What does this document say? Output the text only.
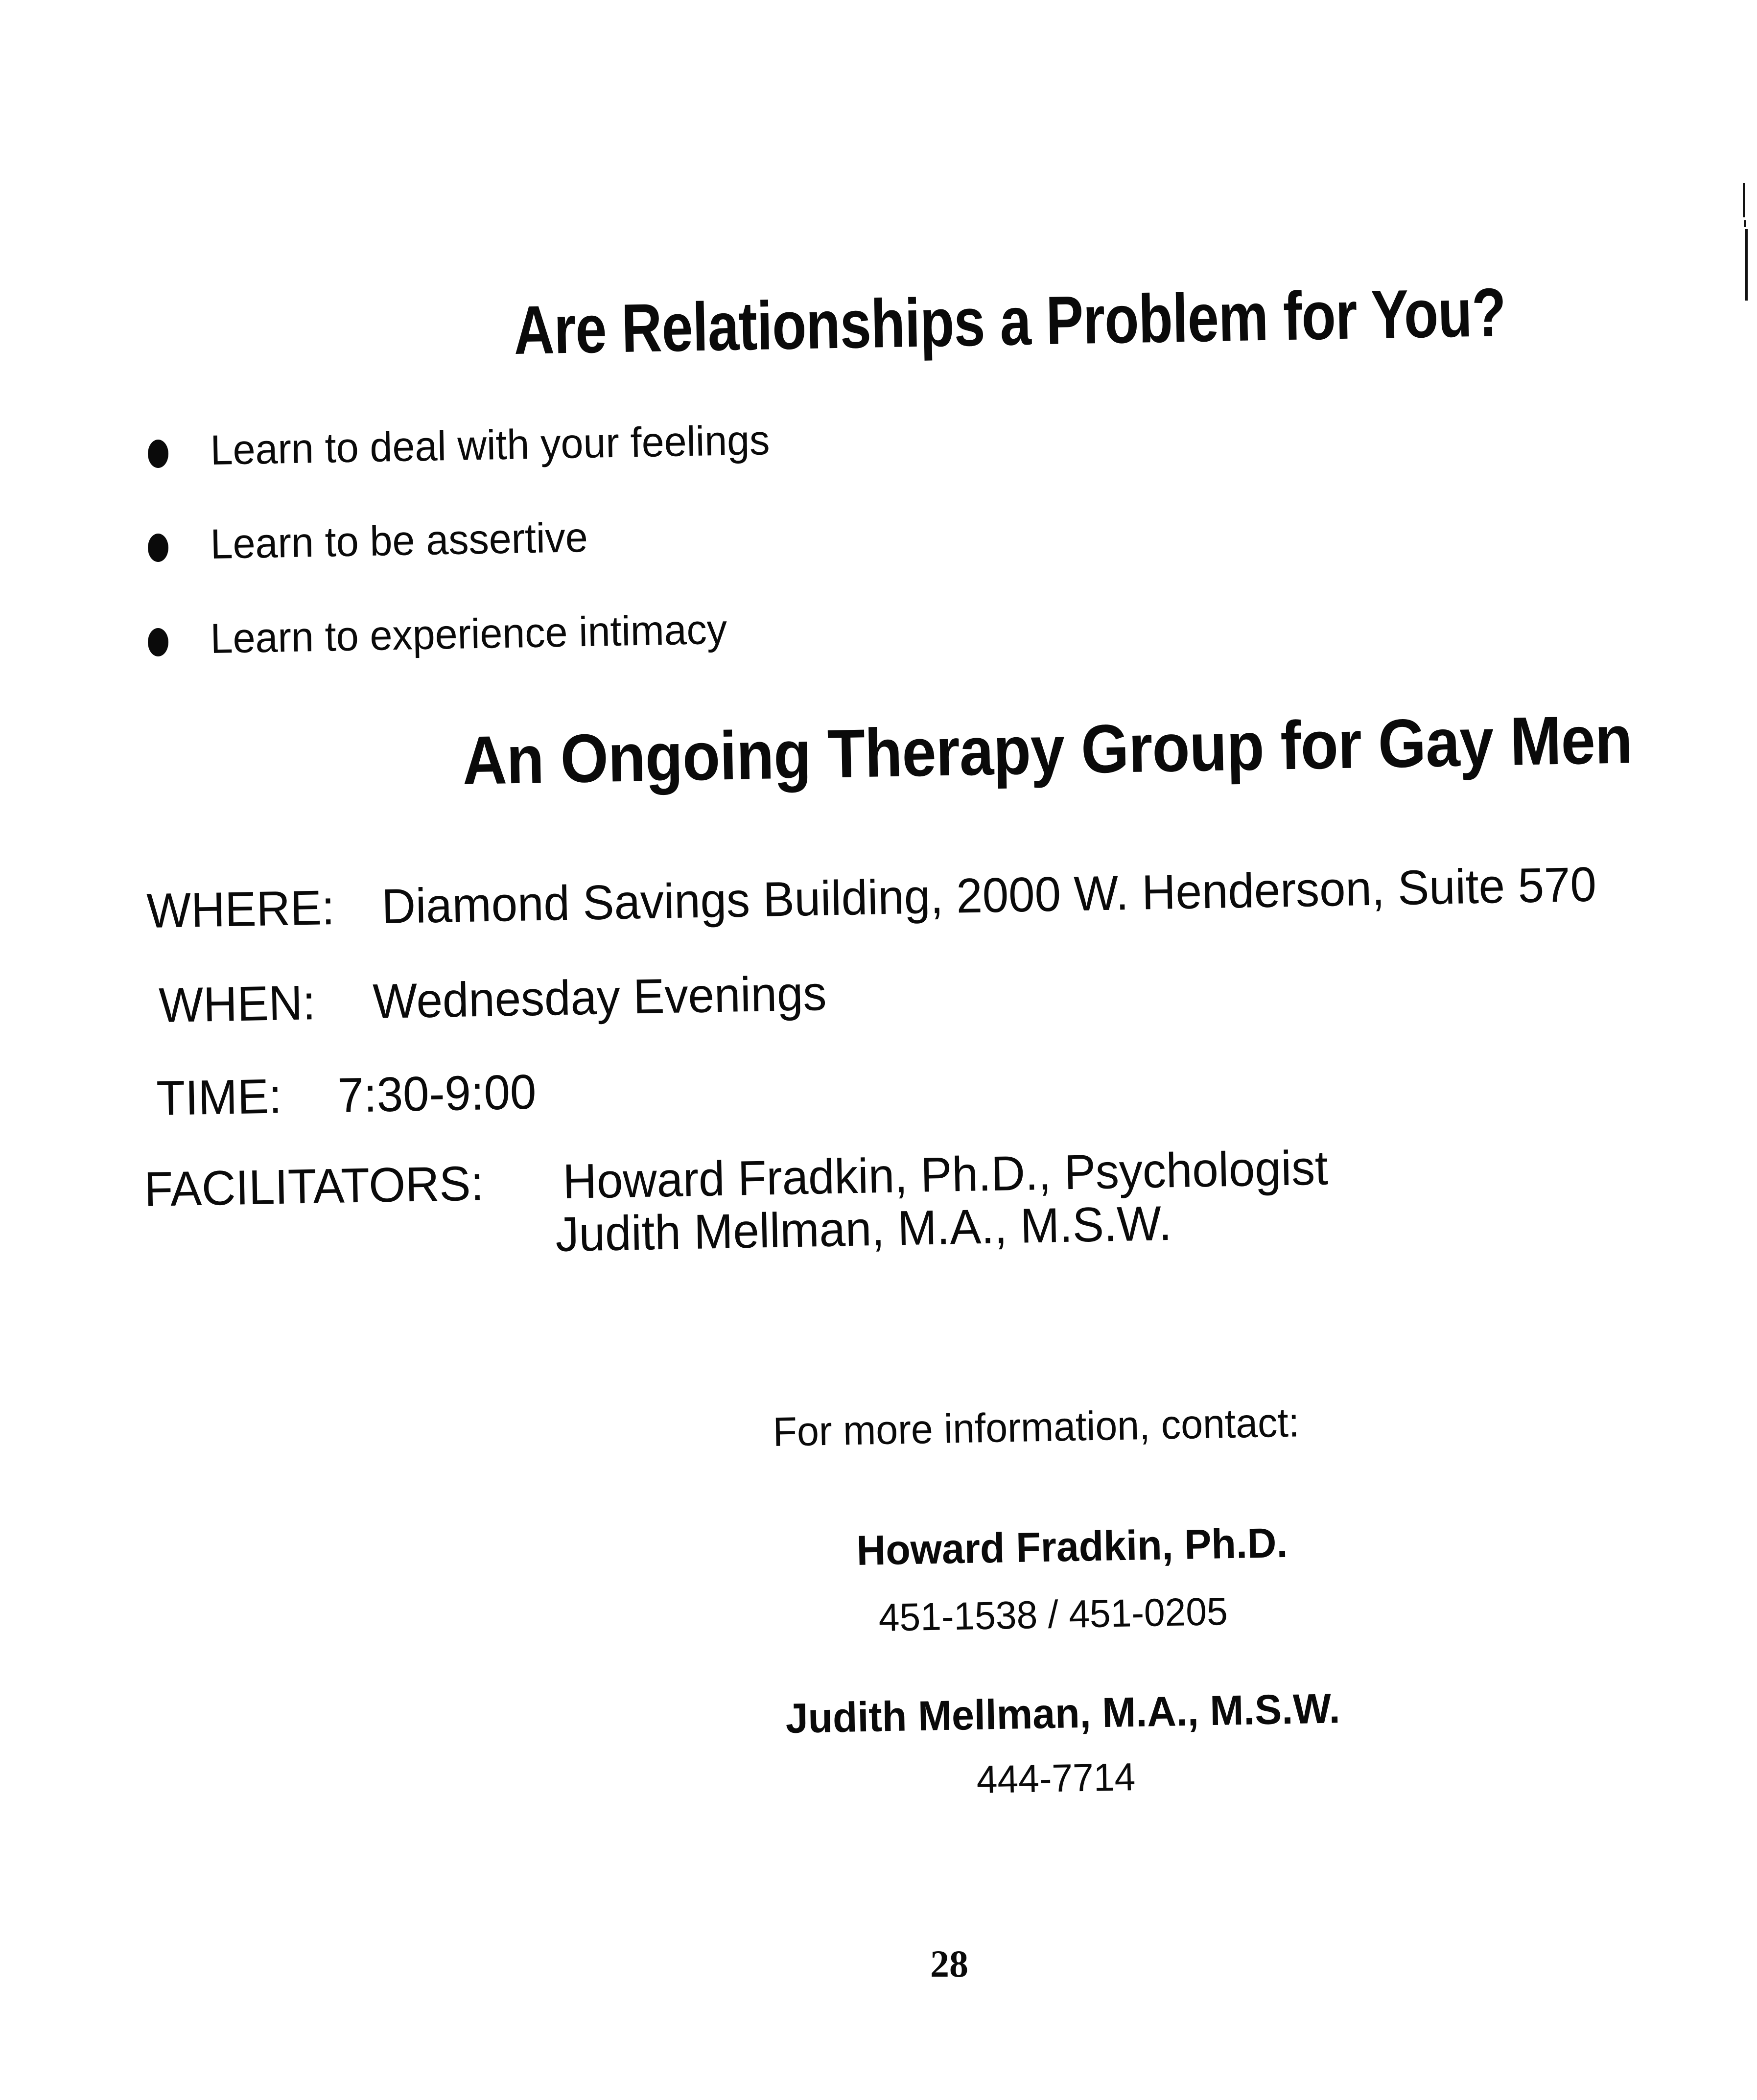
Are Relationships a Problem for You?
Learn to deal with your feelings
Learn to be assertive
Learn to experience intimacy
An Ongoing Therapy Group for Gay Men
WHERE: Diamond Savings Building, 2000 W. Henderson, Suite 570
WHEN: Wednesday Evenings
TIME: 7:30-9:00
FACILITATORS: Howard Fradkin, Ph.D., Psychologist
Judith Mellman, M.A., M.S.W.
For more information, contact:
Howard Fradkin, Ph.D.
451-1538 / 451-0205
Judith Mellman, M.A., M.S.W.
444-7714
28
